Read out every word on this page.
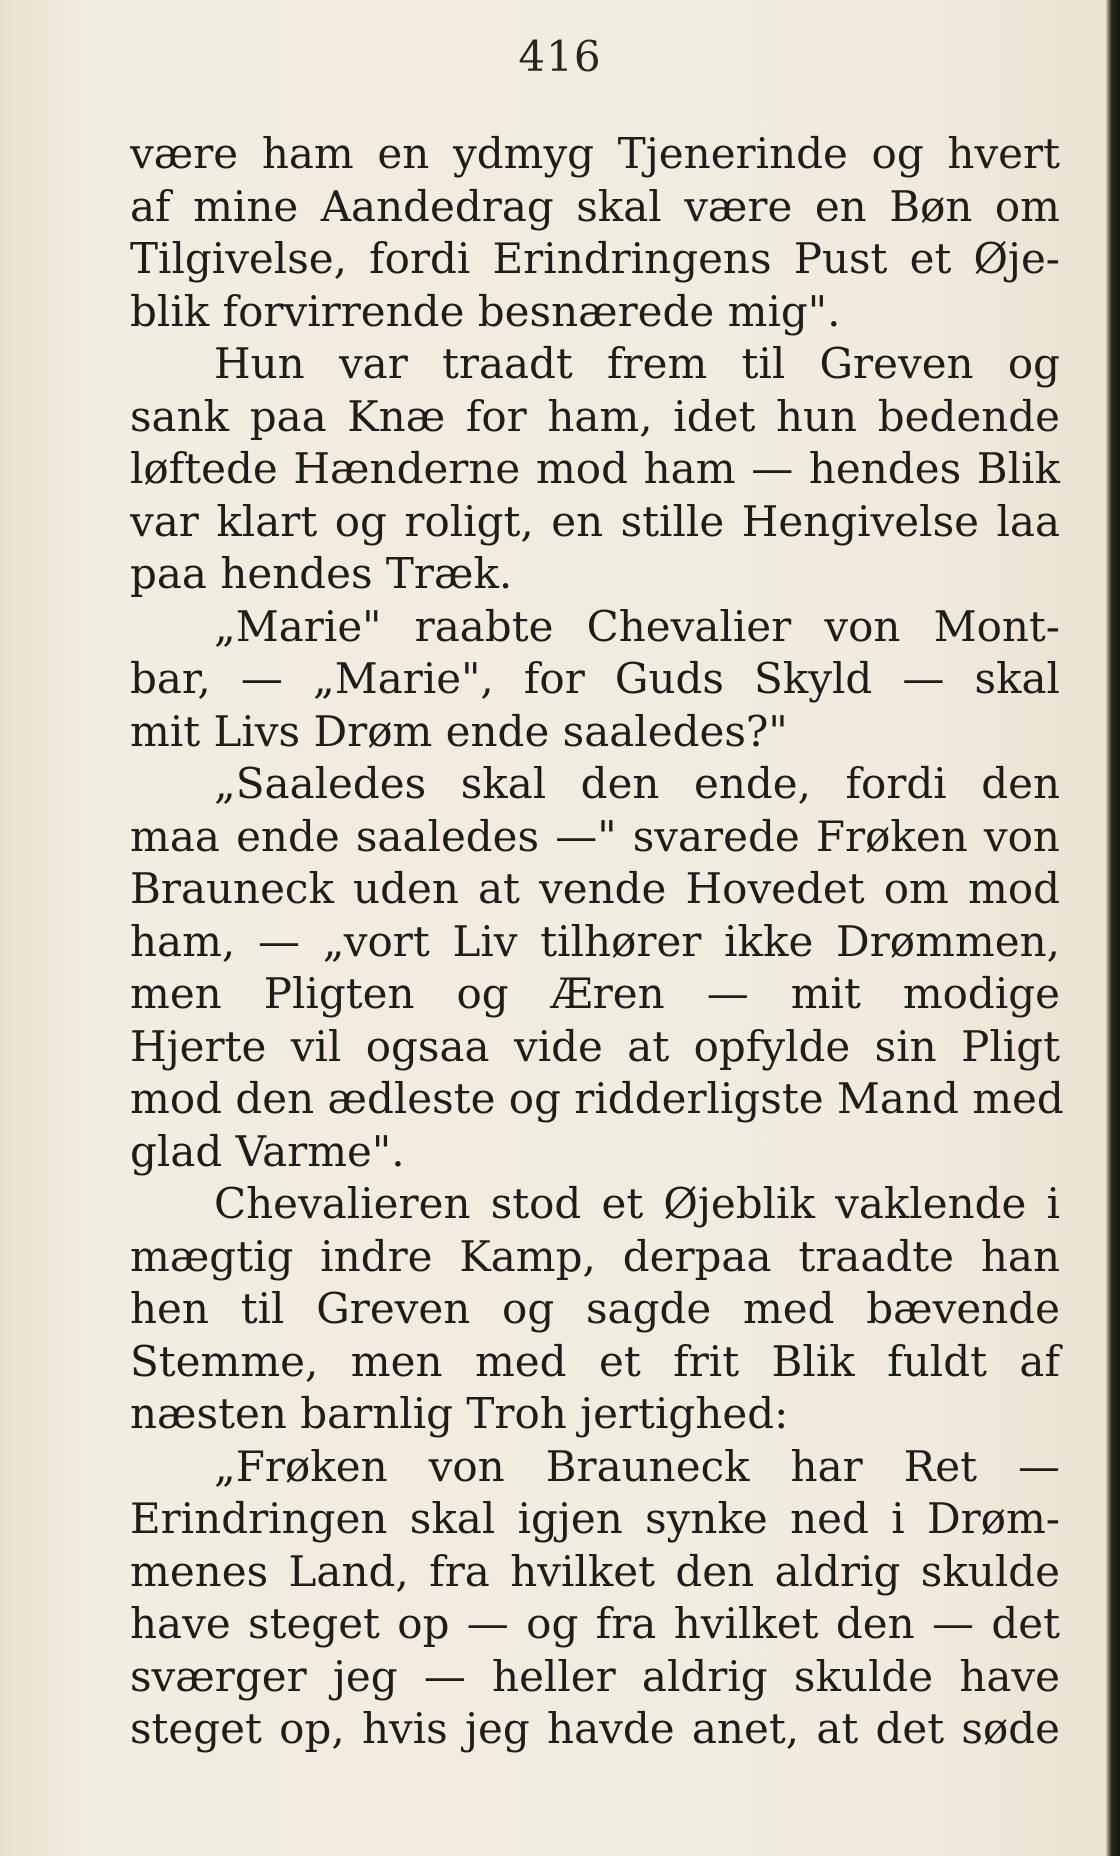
416
være ham en ydmyg Tjenerinde og hvert
af mine Aandedrag skal være en Bøn om
Tilgivelse, fordi Erindringens Pust et Øje-
blik forvirrende besnærede mig".
Hun var traadt frem til Greven og
sank paa Knæ for ham, idet hun bedende
løftede Hænderne mod ham — hendes Blik
var klart og roligt, en stille Hengivelse laa
paa hendes Træk.
„Marie" raabte Chevalier von Mont-
bar, — „Marie", for Guds Skyld — skal
mit Livs Drøm ende saaledes?"
„Saaledes skal den ende, fordi den
maa ende saaledes —" svarede Frøken von
Brauneck uden at vende Hovedet om mod
ham, — „vort Liv tilhører ikke Drømmen,
men Pligten og Æren — mit modige
Hjerte vil ogsaa vide at opfylde sin Pligt
mod den ædleste og ridderligste Mand med
glad Varme".
Chevalieren stod et Øjeblik vaklende i
mægtig indre Kamp, derpaa traadte han
hen til Greven og sagde med bævende
Stemme, men med et frit Blik fuldt af
næsten barnlig Troh jertighed:
„Frøken von Brauneck har Ret —
Erindringen skal igjen synke ned i Drøm-
menes Land, fra hvilket den aldrig skulde
have steget op — og fra hvilket den — det
sværger jeg — heller aldrig skulde have
steget op, hvis jeg havde anet, at det søde
